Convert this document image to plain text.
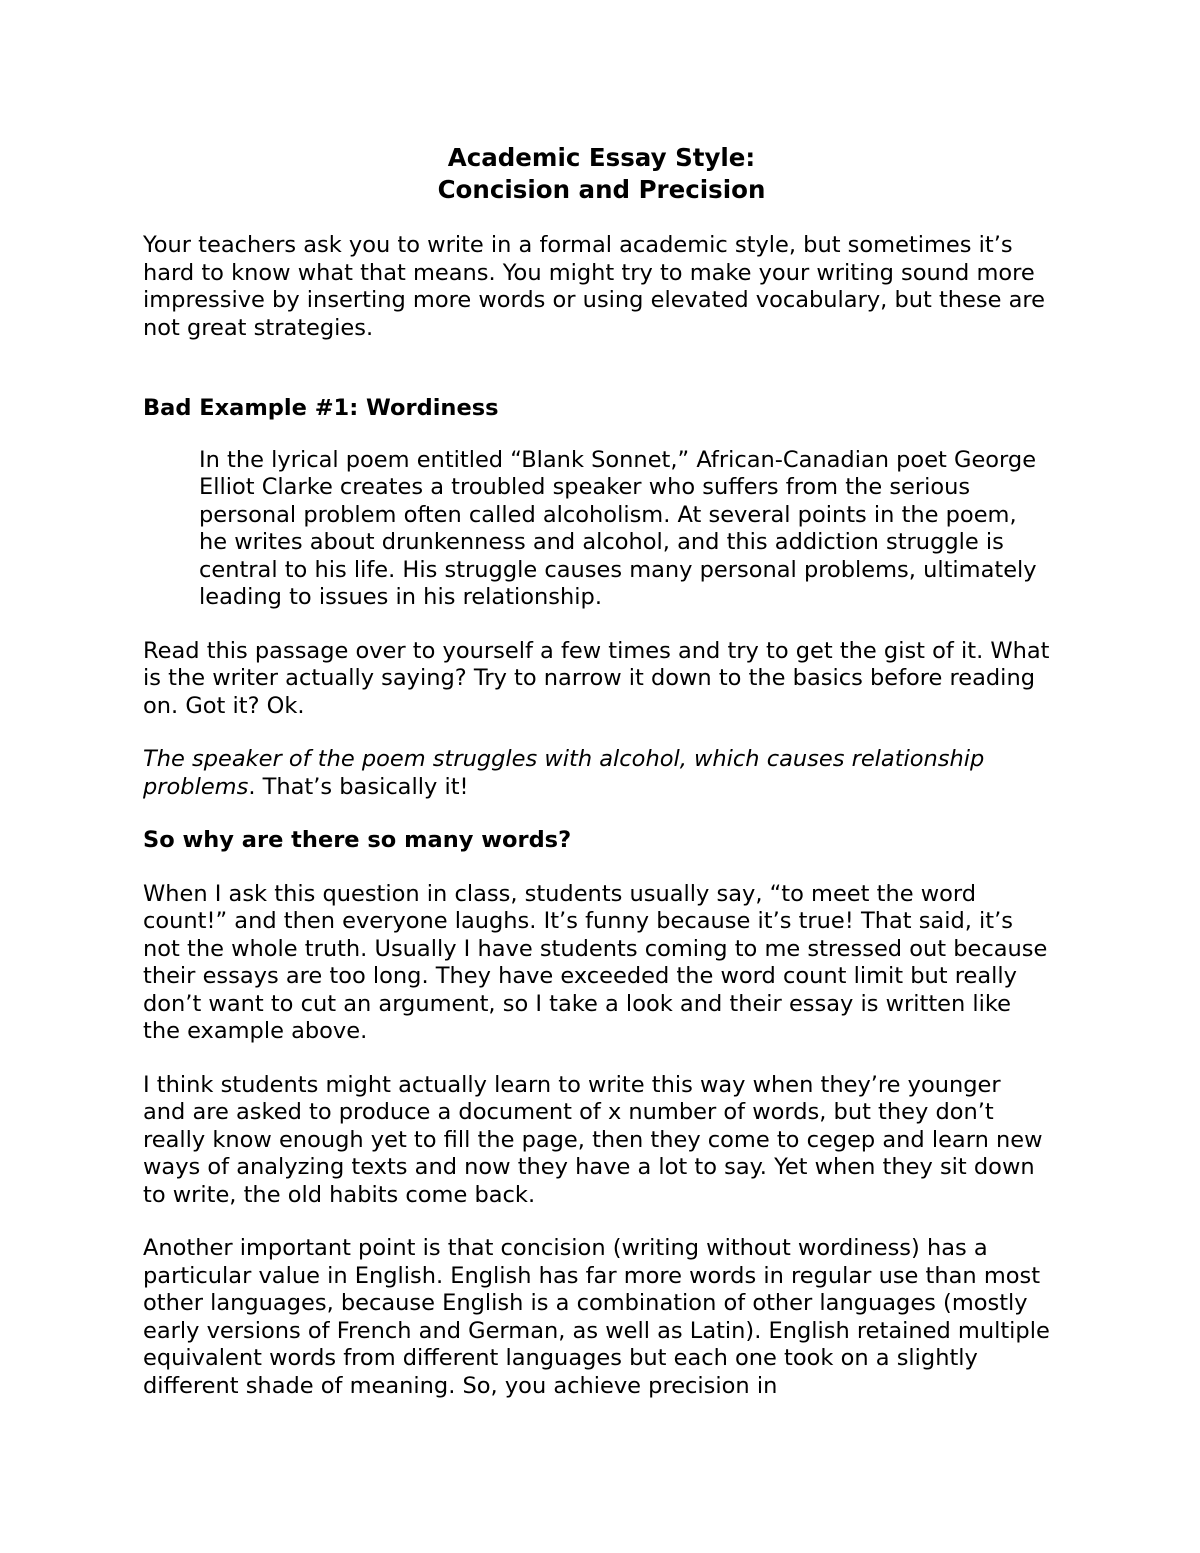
Academic Essay Style:
Concision and Precision

Your teachers ask you to write in a formal academic style, but sometimes it’s hard to know what that means. You might try to make your writing sound more impressive by inserting more words or using elevated vocabulary, but these are not great strategies.

Bad Example #1: Wordiness

In the lyrical poem entitled “Blank Sonnet,” African-Canadian poet George Elliot Clarke creates a troubled speaker who suffers from the serious personal problem often called alcoholism. At several points in the poem, he writes about drunkenness and alcohol, and this addiction struggle is central to his life. His struggle causes many personal problems, ultimately leading to issues in his relationship.

Read this passage over to yourself a few times and try to get the gist of it. What is the writer actually saying? Try to narrow it down to the basics before reading on. Got it? Ok.

The speaker of the poem struggles with alcohol, which causes relationship problems. That’s basically it!

So why are there so many words?

When I ask this question in class, students usually say, “to meet the word count!” and then everyone laughs. It’s funny because it’s true! That said, it’s not the whole truth. Usually I have students coming to me stressed out because their essays are too long. They have exceeded the word count limit but really don’t want to cut an argument, so I take a look and their essay is written like the example above.

I think students might actually learn to write this way when they’re younger and are asked to produce a document of x number of words, but they don’t really know enough yet to fill the page, then they come to cegep and learn new ways of analyzing texts and now they have a lot to say. Yet when they sit down to write, the old habits come back.

Another important point is that concision (writing without wordiness) has a particular value in English. English has far more words in regular use than most other languages, because English is a combination of other languages (mostly early versions of French and German, as well as Latin). English retained multiple equivalent words from different languages but each one took on a slightly different shade of meaning. So, you achieve precision in
